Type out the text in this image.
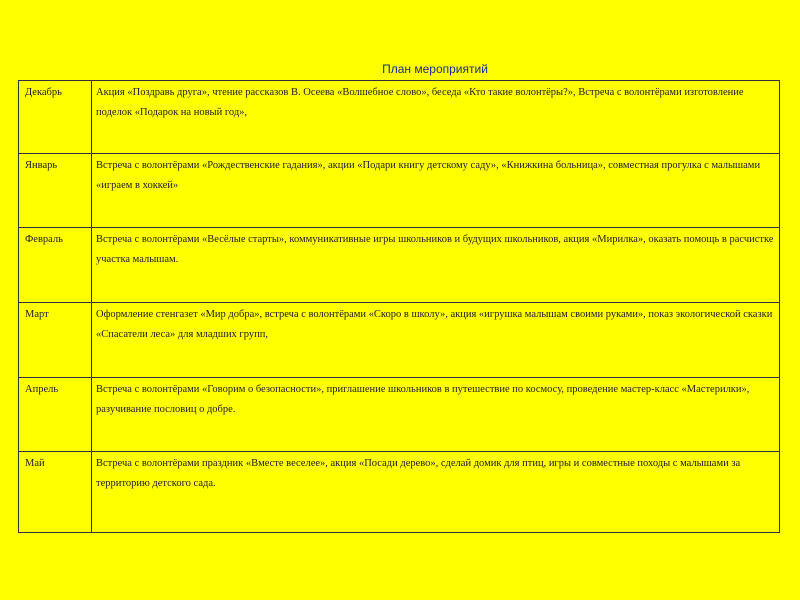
План мероприятий
Декабрь	Акция «Поздравь друга», чтение рассказов В. Осеева «Волшебное слово», беседа «Кто такие волонтёры?», Встреча с волонтёрами изготовление поделок «Подарок на новый год»,
Январь	Встреча с волонтёрами «Рождественские гадания», акции «Подари книгу детскому саду», «Книжкина больница», совместная прогулка с малышами «играем в хоккей»
Февраль	Встреча с волонтёрами «Весёлые старты», коммуникативные игры школьников и будущих школьников, акция «Мирилка», оказать помощь в расчистке участка малышам.
Март	Оформление стенгазет «Мир добра», встреча с волонтёрами «Скоро в школу», акция «игрушка малышам своими руками», показ экологической сказки «Спасатели леса» для младших групп,
Апрель	Встреча с волонтёрами «Говорим о безопасности», приглашение школьников в путешествие по космосу, проведение мастер-класс «Мастерилки», разучивание пословиц о добре.
Май	Встреча с волонтёрами праздник «Вместе веселее», акция «Посади дерево», сделай домик для птиц, игры и совместные походы с малышами за территорию детского сада.
